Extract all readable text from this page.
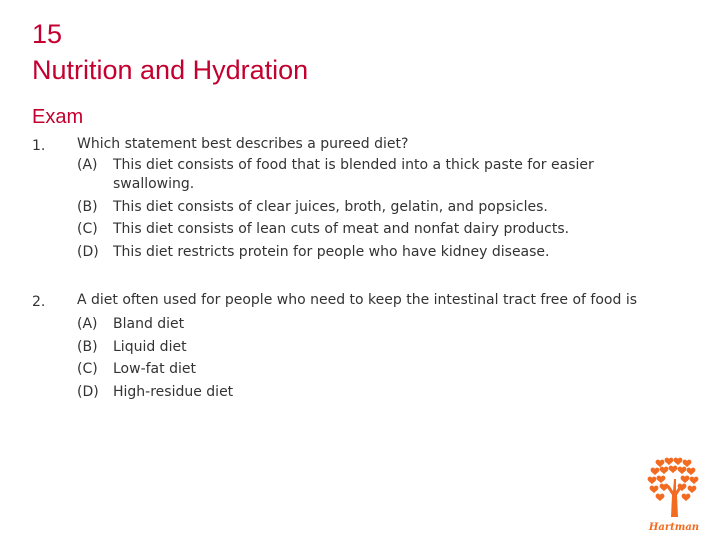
15
Nutrition and Hydration
Exam
1.	Which statement best describes a pureed diet?
(A)	This diet consists of food that is blended into a thick paste for easier swallowing.
(B)	This diet consists of clear juices, broth, gelatin, and popsicles.
(C)	This diet consists of lean cuts of meat and nonfat dairy products.
(D)	This diet restricts protein for people who have kidney disease.
2.	A diet often used for people who need to keep the intestinal tract free of food is
(A)	Bland diet
(B)	Liquid diet
(C)	Low-fat diet
(D)	High-residue diet
Hartman
